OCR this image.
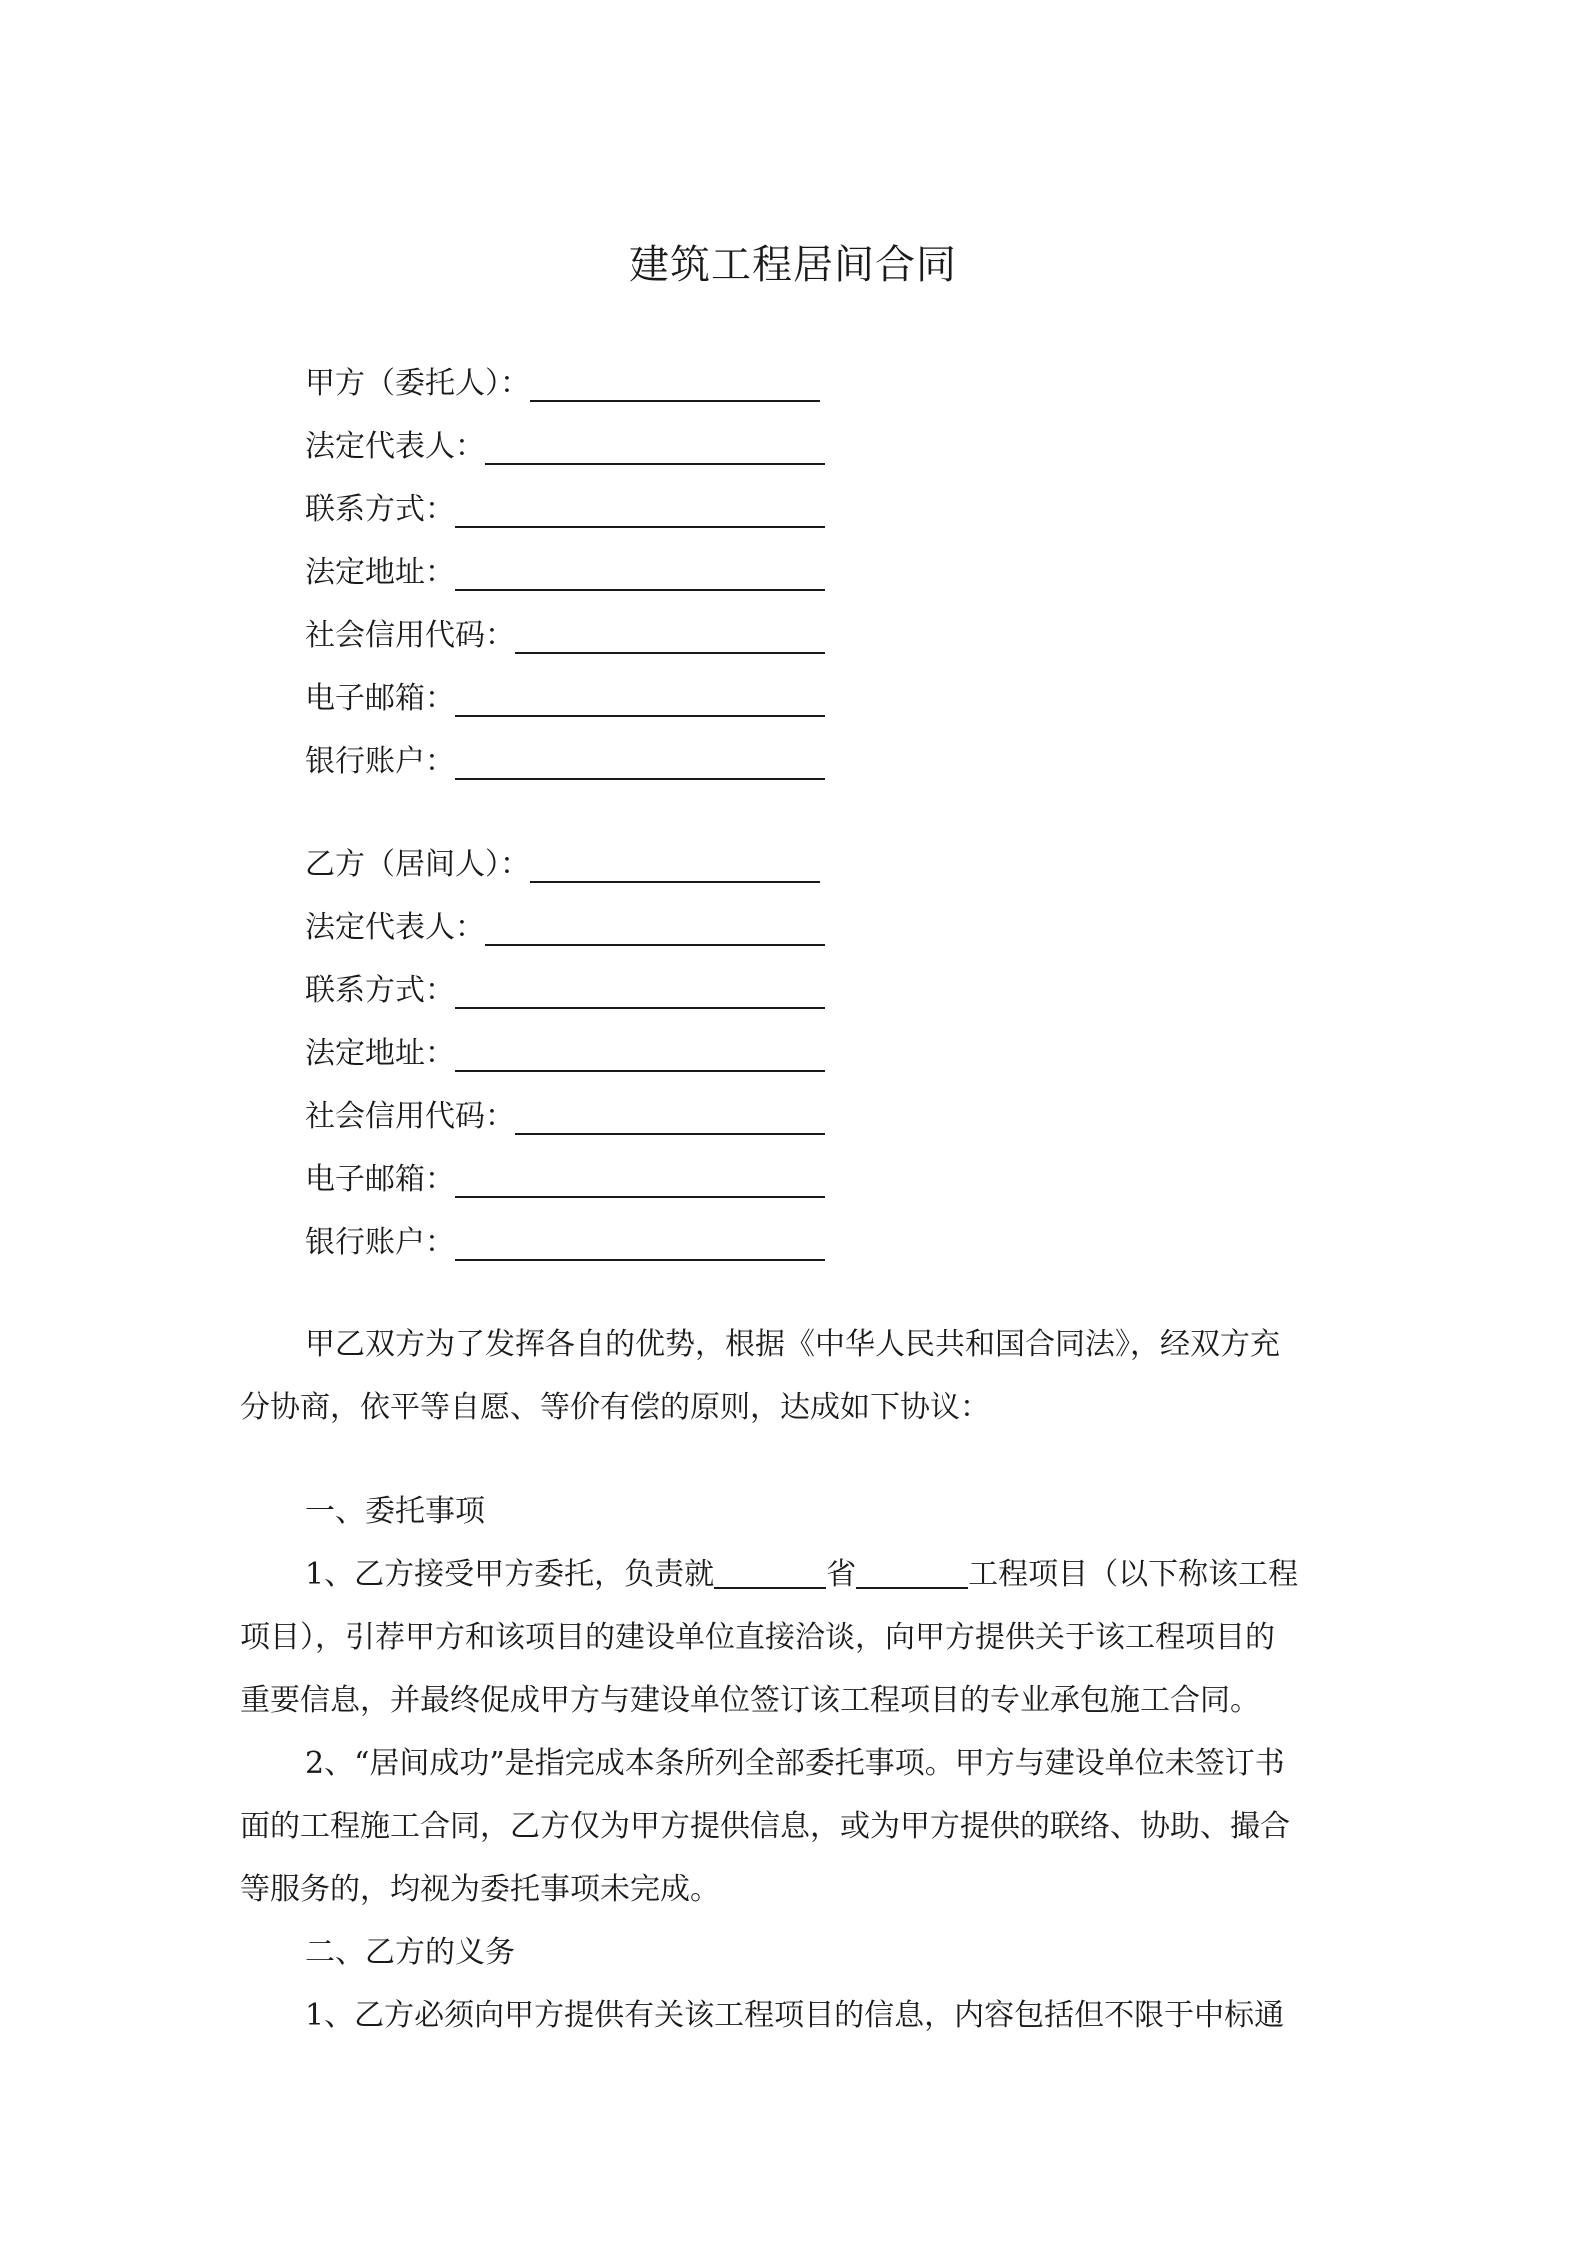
建筑工程居间合同
甲方（委托人）：
法定代表人：
联系方式：
法定地址：
社会信用代码：
电子邮箱：
银行账户：
乙方（居间人）：
法定代表人：
联系方式：
法定地址：
社会信用代码：
电子邮箱：
银行账户：
甲乙双方为了发挥各自的优势，根据《中华人民共和国合同法》，经双方充
分协商，依平等自愿、等价有偿的原则，达成如下协议：
一、委托事项
1、乙方接受甲方委托，负责就	省	工程项目（以下称该工程
项目），引荐甲方和该项目的建设单位直接洽谈，向甲方提供关于该工程项目的
重要信息，并最终促成甲方与建设单位签订该工程项目的专业承包施工合同。
2、“居间成功”是指完成本条所列全部委托事项。甲方与建设单位未签订书
面的工程施工合同，乙方仅为甲方提供信息，或为甲方提供的联络、协助、撮合
等服务的，均视为委托事项未完成。
二、乙方的义务
1、乙方必须向甲方提供有关该工程项目的信息，内容包括但不限于中标通
